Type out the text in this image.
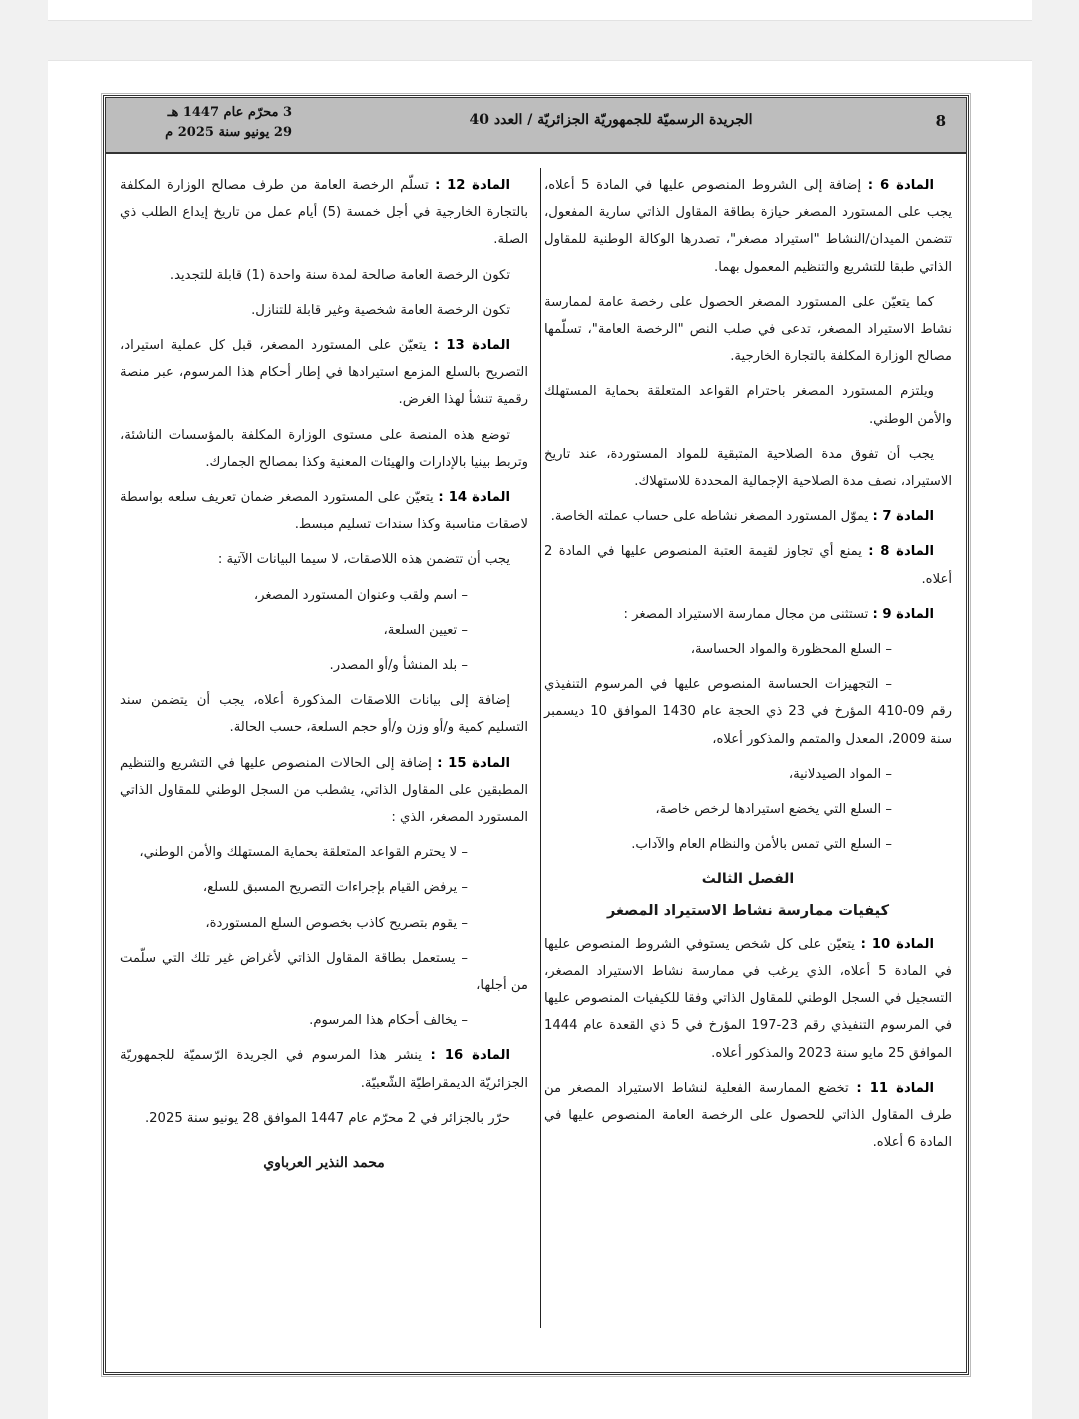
8
الجريدة الرسميّة للجمهوريّة الجزائريّة / العدد 40
3 محرّم عام 1447 هـ
29 يونيو سنة 2025 م

المادة 6 : إضافة إلى الشروط المنصوص عليها في المادة 5 أعلاه، يجب على المستورد المصغر حيازة بطاقة المقاول الذاتي سارية المفعول، تتضمن الميدان/النشاط "استيراد مصغر"، تصدرها الوكالة الوطنية للمقاول الذاتي طبقا للتشريع والتنظيم المعمول بهما.

كما يتعيّن على المستورد المصغر الحصول على رخصة عامة لممارسة نشاط الاستيراد المصغر، تدعى في صلب النص "الرخصة العامة"، تسلّمها مصالح الوزارة المكلفة بالتجارة الخارجية.

ويلتزم المستورد المصغر باحترام القواعد المتعلقة بحماية المستهلك والأمن الوطني.

يجب أن تفوق مدة الصلاحية المتبقية للمواد المستوردة، عند تاريخ الاستيراد، نصف مدة الصلاحية الإجمالية المحددة للاستهلاك.

المادة 7 : يموّل المستورد المصغر نشاطه على حساب عملته الخاصة.

المادة 8 : يمنع أي تجاوز لقيمة العتبة المنصوص عليها في المادة 2 أعلاه.

المادة 9 : تستثنى من مجال ممارسة الاستيراد المصغر :

– السلع المحظورة والمواد الحساسة،

– التجهيزات الحساسة المنصوص عليها في المرسوم التنفيذي رقم 09-410 المؤرخ في 23 ذي الحجة عام 1430 الموافق 10 ديسمبر سنة 2009، المعدل والمتمم والمذكور أعلاه،

– المواد الصيدلانية،

– السلع التي يخضع استيرادها لرخص خاصة،

– السلع التي تمس بالأمن والنظام العام والآداب.

الفصل الثالث
كيفيات ممارسة نشاط الاستيراد المصغر

المادة 10 : يتعيّن على كل شخص يستوفي الشروط المنصوص عليها في المادة 5 أعلاه، الذي يرغب في ممارسة نشاط الاستيراد المصغر، التسجيل في السجل الوطني للمقاول الذاتي وفقا للكيفيات المنصوص عليها في المرسوم التنفيذي رقم 23-197 المؤرخ في 5 ذي القعدة عام 1444 الموافق 25 مايو سنة 2023 والمذكور أعلاه.

المادة 11 : تخضع الممارسة الفعلية لنشاط الاستيراد المصغر من طرف المقاول الذاتي للحصول على الرخصة العامة المنصوص عليها في المادة 6 أعلاه.

المادة 12 : تسلّم الرخصة العامة من طرف مصالح الوزارة المكلفة بالتجارة الخارجية في أجل خمسة (5) أيام عمل من تاريخ إيداع الطلب ذي الصلة.

تكون الرخصة العامة صالحة لمدة سنة واحدة (1) قابلة للتجديد.

تكون الرخصة العامة شخصية وغير قابلة للتنازل.

المادة 13 : يتعيّن على المستورد المصغر، قبل كل عملية استيراد، التصريح بالسلع المزمع استيرادها في إطار أحكام هذا المرسوم، عبر منصة رقمية تنشأ لهذا الغرض.

توضع هذه المنصة على مستوى الوزارة المكلفة بالمؤسسات الناشئة، وتربط بينيا بالإدارات والهيئات المعنية وكذا بمصالح الجمارك.

المادة 14 : يتعيّن على المستورد المصغر ضمان تعريف سلعه بواسطة لاصقات مناسبة وكذا سندات تسليم مبسط.

يجب أن تتضمن هذه اللاصقات، لا سيما البيانات الآتية :

– اسم ولقب وعنوان المستورد المصغر،

– تعيين السلعة،

– بلد المنشأ و/أو المصدر.

إضافة إلى بيانات اللاصقات المذكورة أعلاه، يجب أن يتضمن سند التسليم كمية و/أو وزن و/أو حجم السلعة، حسب الحالة.

المادة 15 : إضافة إلى الحالات المنصوص عليها في التشريع والتنظيم المطبقين على المقاول الذاتي، يشطب من السجل الوطني للمقاول الذاتي المستورد المصغر، الذي :

– لا يحترم القواعد المتعلقة بحماية المستهلك والأمن الوطني،

– يرفض القيام بإجراءات التصريح المسبق للسلع،

– يقوم بتصريح كاذب بخصوص السلع المستوردة،

– يستعمل بطاقة المقاول الذاتي لأغراض غير تلك التي سلّمت من أجلها،

– يخالف أحكام هذا المرسوم.

المادة 16 : ينشر هذا المرسوم في الجريدة الرّسميّة للجمهوريّة الجزائريّة الديمقراطيّة الشّعبيّة.

حرّر بالجزائر في 2 محرّم عام 1447 الموافق 28 يونيو سنة 2025.

محمد النذير العرباوي
